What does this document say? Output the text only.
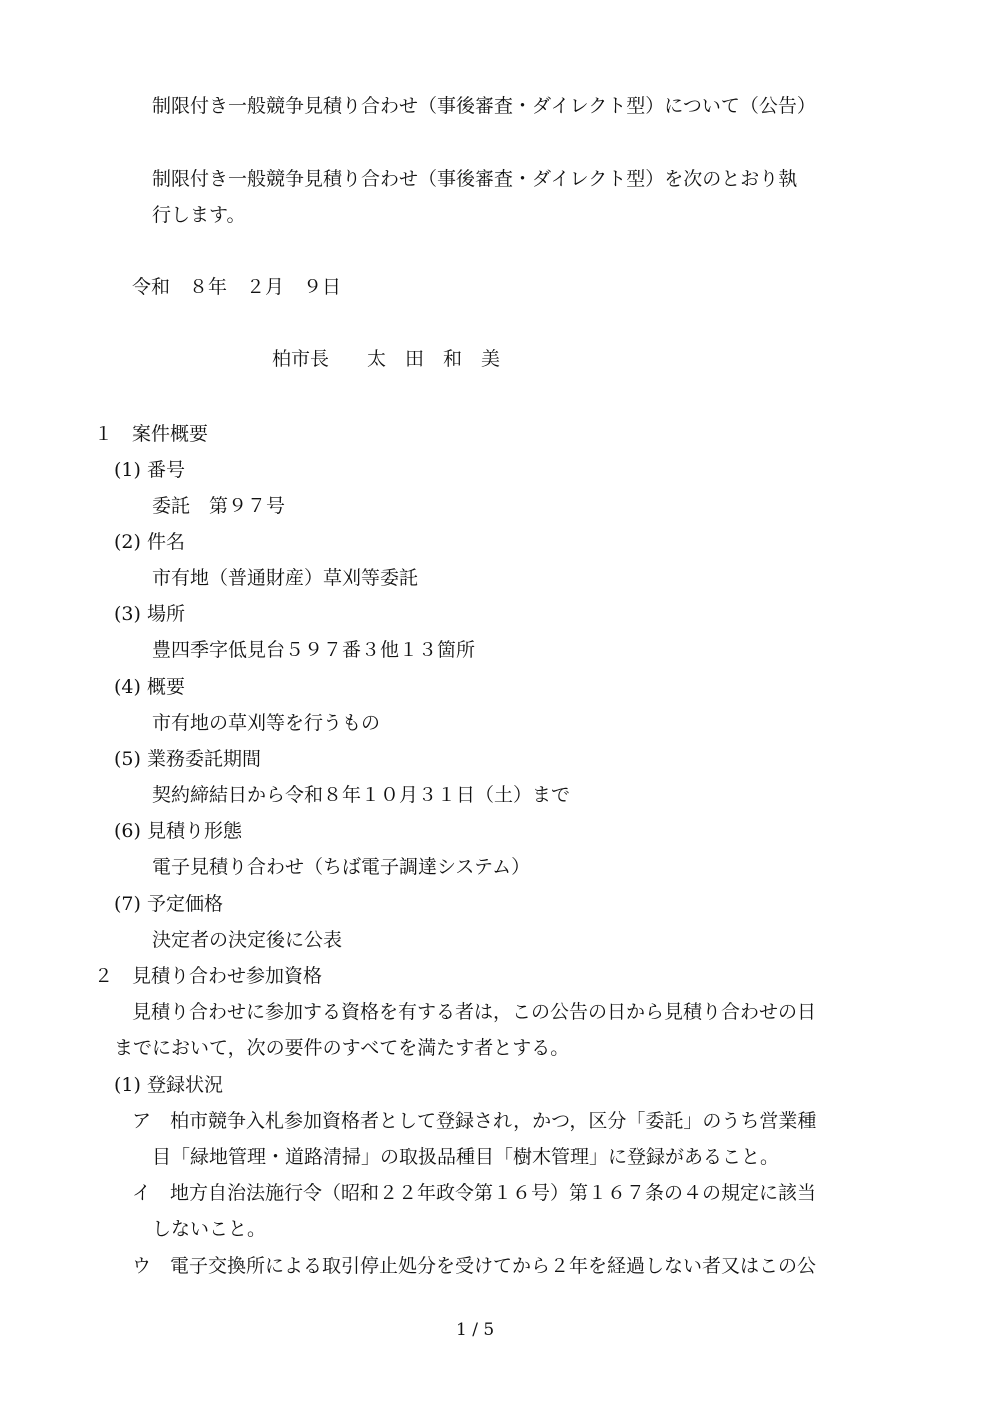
制限付き一般競争見積り合わせ（事後審査・ダイレクト型）について（公告）
制限付き一般競争見積り合わせ（事後審査・ダイレクト型）を次のとおり執
行します。
令和　８年　２月　９日
柏市長　　太　田　和　美
１　案件概要
(1) 番号
委託　第９７号
(2) 件名
市有地（普通財産）草刈等委託
(3) 場所
豊四季字低見台５９７番３他１３箇所
(4) 概要
市有地の草刈等を行うもの
(5) 業務委託期間
契約締結日から令和８年１０月３１日（土）まで
(6) 見積り形態
電子見積り合わせ（ちば電子調達システム）
(7) 予定価格
決定者の決定後に公表
２　見積り合わせ参加資格
見積り合わせに参加する資格を有する者は，この公告の日から見積り合わせの日
までにおいて，次の要件のすべてを満たす者とする。
(1) 登録状況
ア　柏市競争入札参加資格者として登録され，かつ，区分「委託」のうち営業種
目「緑地管理・道路清掃」の取扱品種目「樹木管理」に登録があること。
イ　地方自治法施行令（昭和２２年政令第１６号）第１６７条の４の規定に該当
しないこと。
ウ　電子交換所による取引停止処分を受けてから２年を経過しない者又はこの公
1 / 5
